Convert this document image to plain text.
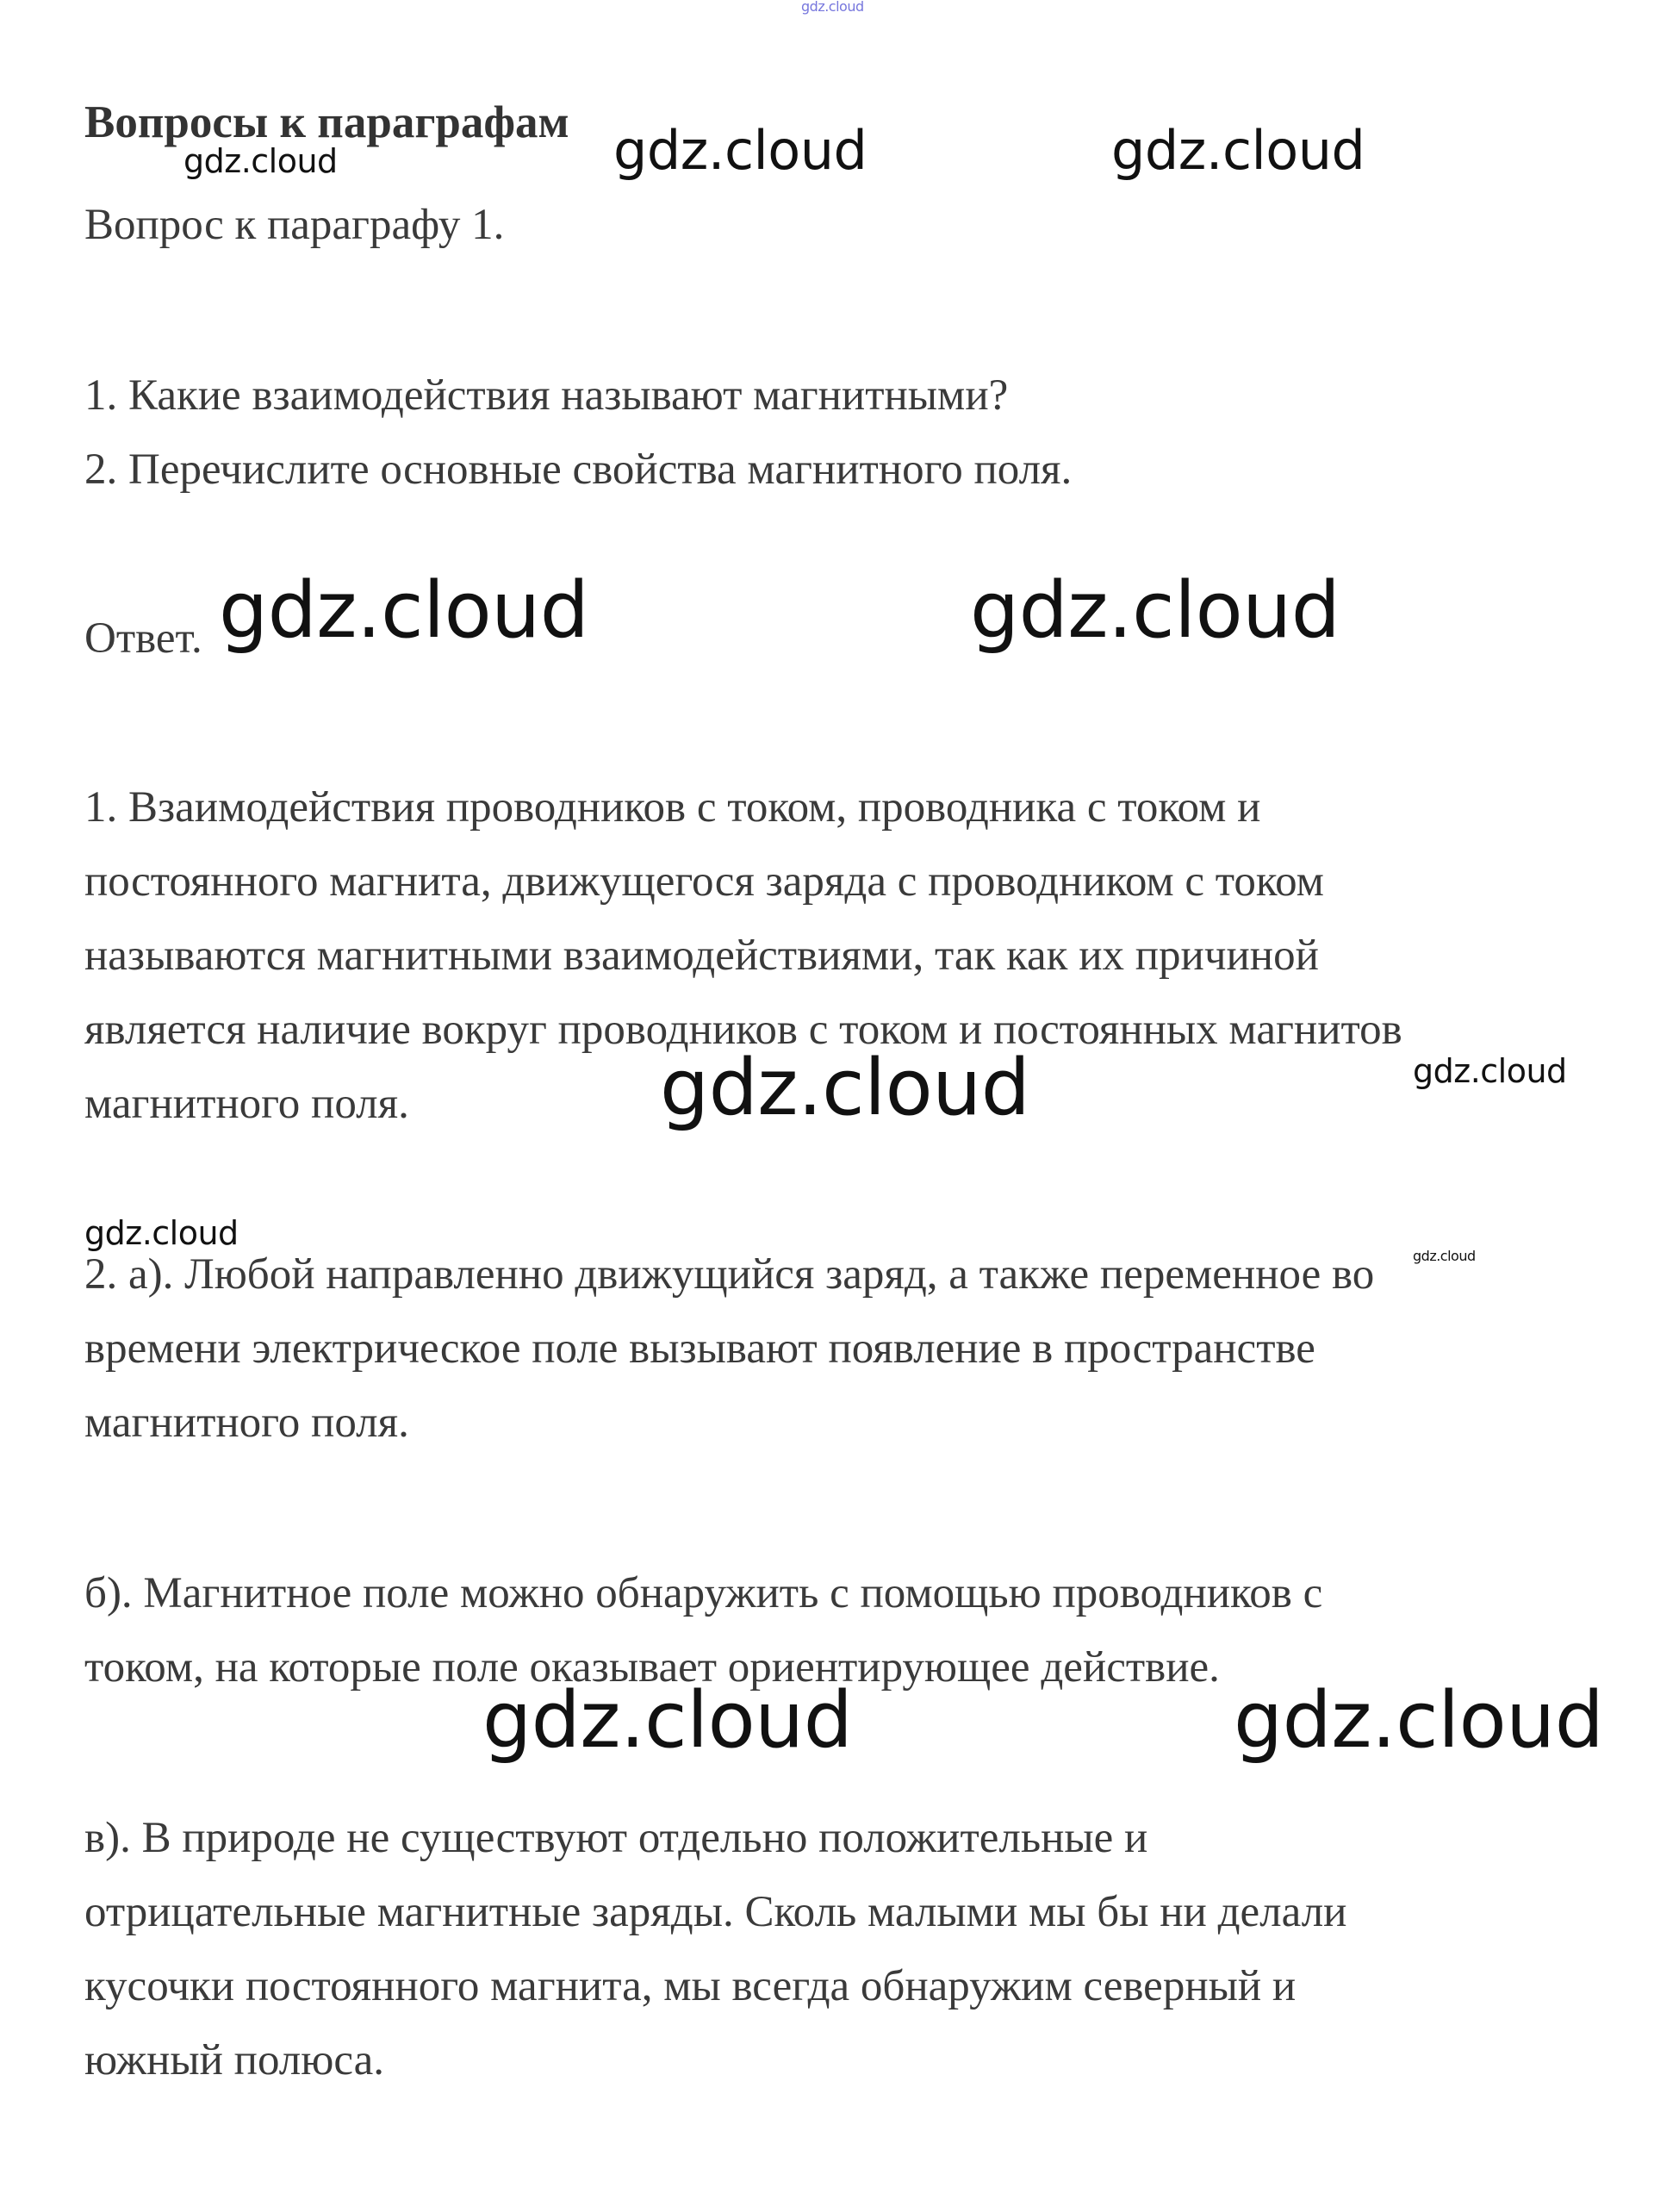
Вопросы к параграфам

Вопрос к параграфу 1.

1. Какие взаимодействия называют магнитными?

2. Перечислите основные свойства магнитного поля.

Ответ.

1. Взаимодействия проводников с током, проводника с током и

постоянного магнита, движущегося заряда с проводником с током

называются магнитными взаимодействиями, так как их причиной

является наличие вокруг проводников с током и постоянных магнитов

магнитного поля.

2. а). Любой направленно движущийся заряд, а также переменное во

времени электрическое поле вызывают появление в пространстве

магнитного поля.

б). Магнитное поле можно обнаружить с помощью проводников с

током, на которые поле оказывает ориентирующее действие.

в). В природе не существуют отдельно положительные и

отрицательные магнитные заряды. Сколь малыми мы бы ни делали

кусочки постоянного магнита, мы всегда обнаружим северный и

южный полюса.

gdz.cloud
gdz.cloud	gdz.cloud	gdz.cloud
gdz.cloud	gdz.cloud
gdz.cloud	gdz.cloud
gdz.cloud
gdz.cloud
gdz.cloud	gdz.cloud
